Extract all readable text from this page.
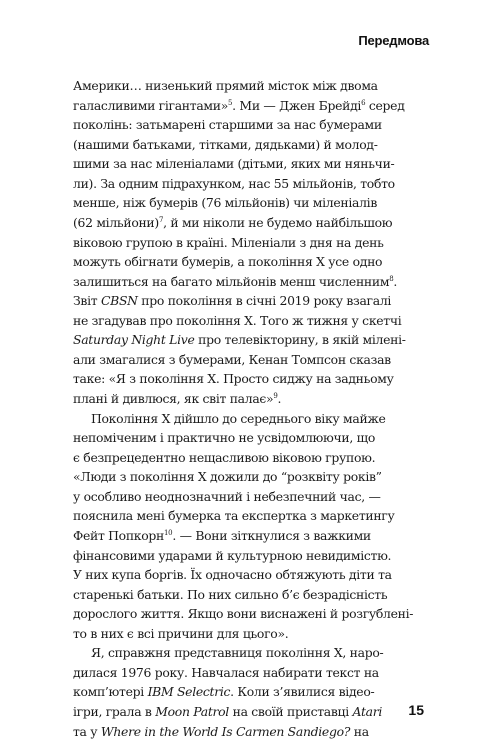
Передмова
Америки… низенький прямий місток між двома
галасливими гігантами»$^5$. Ми — Джен Брейді$^6$ серед
поколінь: затьмарені старшими за нас бумерами
(нашими батьками, тітками, дядьками) й молод-
шими за нас міленіалами (дітьми, яких ми няньчи-
ли). За одним підрахунком, нас 55 мільйонів, тобто
менше, ніж бумерів (76 мільйонів) чи міленіалів
(62 мільйони)$^7$, й ми ніколи не будемо найбільшою
віковою групою в країні. Міленіали з дня на день
можуть обігнати бумерів, а покоління Х усе одно
залишиться на багато мільйонів менш численним$^8$.
Звіт CBSN про покоління в січні 2019 року взагалі
не згадував про покоління Х. Того ж тижня у скетчі
Saturday Night Live про телевікторину, в якій мілені-
али змагалися з бумерами, Кенан Томпсон сказав
таке: «Я з покоління Х. Просто сиджу на задньому
плані й дивлюся, як світ палає»$^9$.
Покоління Х дійшло до середнього віку майже
непоміченим і практично не усвідомлюючи, що
є безпрецедентно нещасливою віковою групою.
«Люди з покоління Х дожили до “розквіту років”
у особливо неоднозначний і небезпечний час, —
пояснила мені бумерка та експертка з маркетингу
Фейт Попкорн$^{10}$. — Вони зіткнулися з важкими
фінансовими ударами й культурною невидимістю.
У них купа боргів. Їх одночасно обтяжують діти та
старенькі батьки. По них сильно б’є безрадісність
дорослого життя. Якщо вони виснажені й розгублені-
то в них є всі причини для цього».
Я, справжня представниця покоління Х, наро-
дилася 1976 року. Навчалася набирати текст на
комп’ютері IBM Selectric. Коли з’явилися відео-
ігри, грала в Moon Patrol на своїй приставці Atari
та у Where in the World Is Carmen Sandiego? на
15
